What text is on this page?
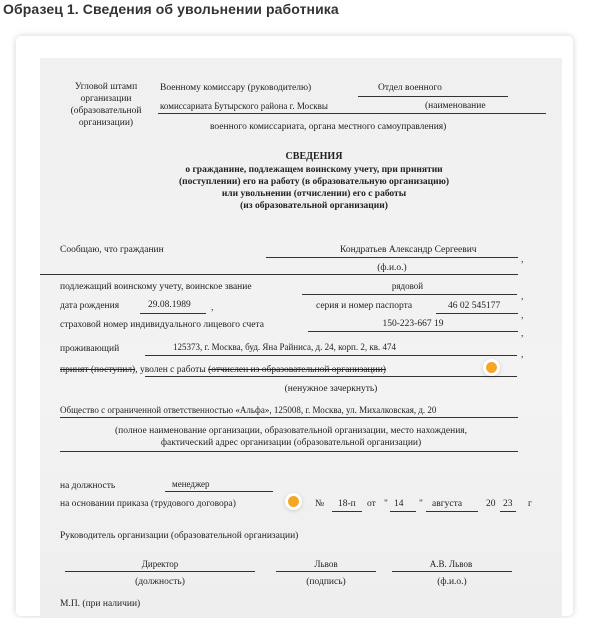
Образец 1. Сведения об увольнении работника
Угловой штамп
организации
(образовательной
организации)
Военному комиссару (руководителю)	Отдел военного
комиссариата Бутырского района г. Москвы	(наименование
военного комиссариата, органа местного самоуправления)
СВЕДЕНИЯ
о гражданине, подлежащем воинскому учету, при принятии
(поступлении) его на работу (в образовательную организацию)
или увольнении (отчислении) его с работы
(из образовательной организации)
Сообщаю, что гражданин	Кондратьев Александр Сергеевич
,
(ф.и.о.)
подлежащий воинскому учету, воинское звание	рядовой
,
дата рождения	29.08.1989 ,	серия и номер паспорта	46 02 545177
,
страховой номер индивидуального лицевого счета	150-223-667 19
,
проживающий	125373, г. Москва, буд. Яна Райниса, д. 24, корп. 2, кв. 474
,
принят (поступил), уволен с работы (отчислен из образовательной организации)
(ненужное зачеркнуть)
Общество с ограниченной ответственностью «Альфа», 125008, г. Москва, ул. Михалковская, д. 20
(полное наименование организации, образовательной организации, место нахождения,
фактический адрес организации (образовательной организации)
на должность	менеджер
на основании приказа (трудового договора)	№ 18-п от " 14 " августа	20 23 г
Руководитель организации (образовательной организации)
Директор	Львов	А.В. Львов
(должность)	(подпись)	(ф.и.о.)
М.П. (при наличии)
